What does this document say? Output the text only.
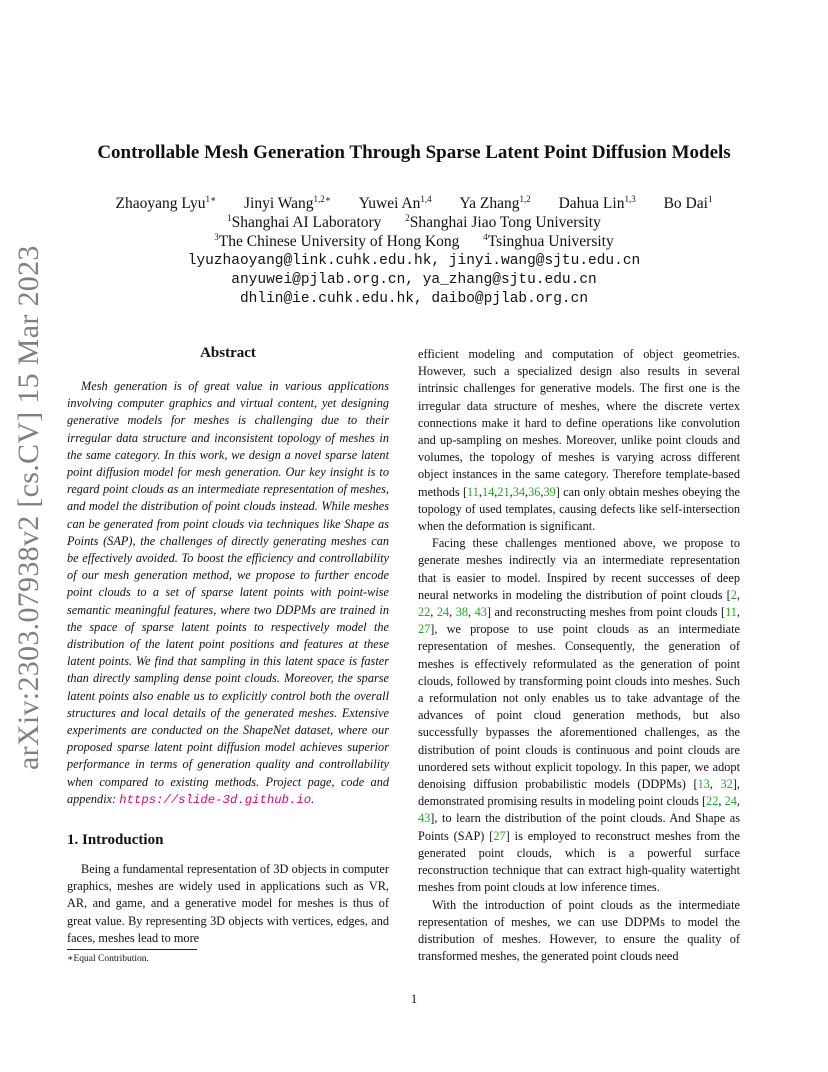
arXiv:2303.07938v2 [cs.CV] 15 Mar 2023
Controllable Mesh Generation Through Sparse Latent Point Diffusion Models
Zhaoyang Lyu$^{1∗}$ Jinyi Wang$^{1,2∗}$ Yuwei An$^{1,4}$ Ya Zhang$^{1,2}$ Dahua Lin$^{1,3}$ Bo Dai$^1$
$^1$Shanghai AI Laboratory	$^2$Shanghai Jiao Tong University
$^3$The Chinese University of Hong Kong	$^4$Tsinghua University
lyuzhaoyang@link.cuhk.edu.hk, jinyi.wang@sjtu.edu.cn
anyuwei@pjlab.org.cn, ya_zhang@sjtu.edu.cn
dhlin@ie.cuhk.edu.hk, daibo@pjlab.org.cn
Abstract
Mesh generation is of great value in various applications involving computer graphics and virtual content, yet designing generative models for meshes is challenging due to their irregular data structure and inconsistent topology of meshes in the same category. In this work, we design a novel sparse latent point diffusion model for mesh generation. Our key insight is to regard point clouds as an intermediate representation of meshes, and model the distribution of point clouds instead. While meshes can be generated from point clouds via techniques like Shape as Points (SAP), the challenges of directly generating meshes can be effectively avoided. To boost the efficiency and controllability of our mesh generation method, we propose to further encode point clouds to a set of sparse latent points with point-wise semantic meaningful features, where two DDPMs are trained in the space of sparse latent points to respectively model the distribution of the latent point positions and features at these latent points. We find that sampling in this latent space is faster than directly sampling dense point clouds. Moreover, the sparse latent points also enable us to explicitly control both the overall structures and local details of the generated meshes. Extensive experiments are conducted on the ShapeNet dataset, where our proposed sparse latent point diffusion model achieves superior performance in terms of generation quality and controllability when compared to existing methods. Project page, code and appendix: https://slide-3d.github.io.
1. Introduction
Being a fundamental representation of 3D objects in computer graphics, meshes are widely used in applications such as VR, AR, and game, and a generative model for meshes is thus of great value. By representing 3D objects with vertices, edges, and faces, meshes lead to more
∗Equal Contribution.

efficient modeling and computation of object geometries. However, such a specialized design also results in several intrinsic challenges for generative models. The first one is the irregular data structure of meshes, where the discrete vertex connections make it hard to define operations like convolution and up-sampling on meshes. Moreover, unlike point clouds and volumes, the topology of meshes is varying across different object instances in the same category. Therefore template-based methods [11,14,21,34,36,39] can only obtain meshes obeying the topology of used templates, causing defects like self-intersection when the deformation is significant.

Facing these challenges mentioned above, we propose to generate meshes indirectly via an intermediate representation that is easier to model. Inspired by recent successes of deep neural networks in modeling the distribution of point clouds [2, 22, 24, 38, 43] and reconstructing meshes from point clouds [11, 27], we propose to use point clouds as an intermediate representation of meshes. Consequently, the generation of meshes is effectively reformulated as the generation of point clouds, followed by transforming point clouds into meshes. Such a reformulation not only enables us to take advantage of the advances of point cloud generation methods, but also successfully bypasses the aforementioned challenges, as the distribution of point clouds is continuous and point clouds are unordered sets without explicit topology. In this paper, we adopt denoising diffusion probabilistic models (DDPMs) [13, 32], demonstrated promising results in modeling point clouds [22, 24, 43], to learn the distribution of the point clouds. And Shape as Points (SAP) [27] is employed to reconstruct meshes from the generated point clouds, which is a powerful surface reconstruction technique that can extract high-quality watertight meshes from point clouds at low inference times.

With the introduction of point clouds as the intermediate representation of meshes, we can use DDPMs to model the distribution of meshes. However, to ensure the quality of transformed meshes, the generated point clouds need

1
